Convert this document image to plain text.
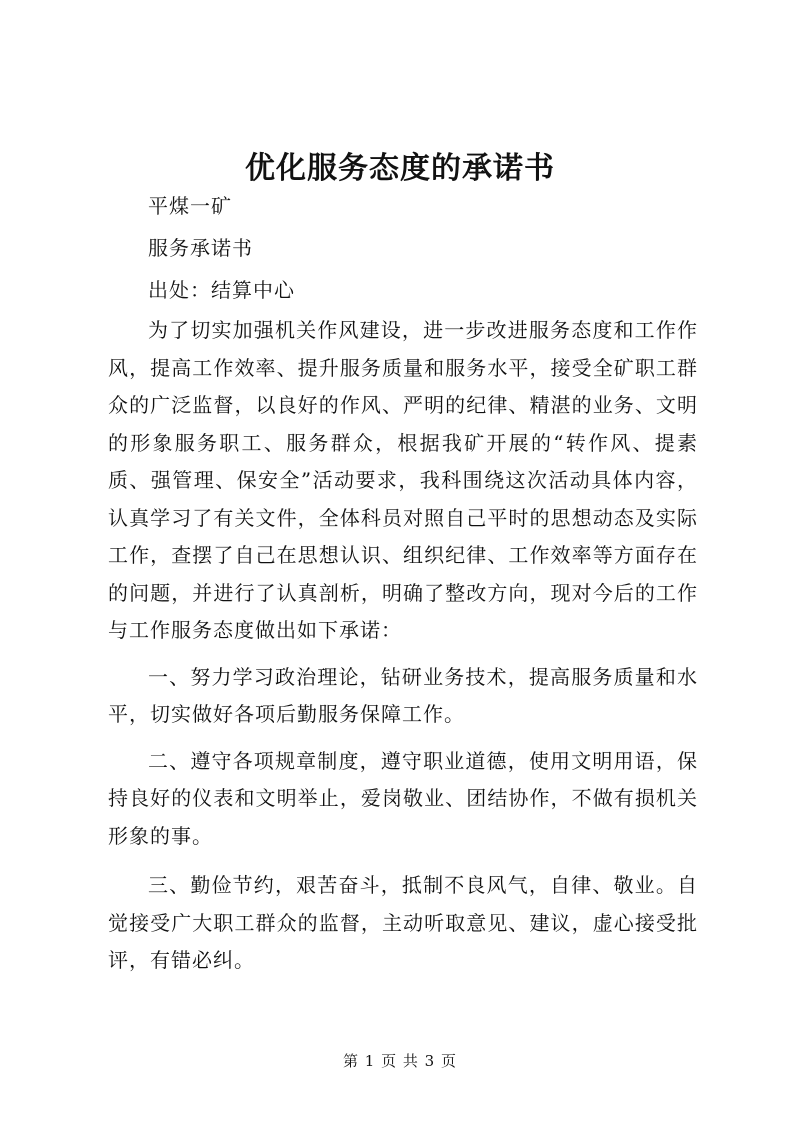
优化服务态度的承诺书

平煤一矿

服务承诺书

出处：结算中心

为了切实加强机关作风建设，进一步改进服务态度和工作作风，提高工作效率、提升服务质量和服务水平，接受全矿职工群众的广泛监督，以良好的作风、严明的纪律、精湛的业务、文明的形象服务职工、服务群众，根据我矿开展的“转作风、提素质、强管理、保安全”活动要求，我科围绕这次活动具体内容，认真学习了有关文件，全体科员对照自己平时的思想动态及实际工作，查摆了自己在思想认识、组织纪律、工作效率等方面存在的问题，并进行了认真剖析，明确了整改方向，现对今后的工作与工作服务态度做出如下承诺：

一、努力学习政治理论，钻研业务技术，提高服务质量和水平，切实做好各项后勤服务保障工作。

二、遵守各项规章制度，遵守职业道德，使用文明用语，保持良好的仪表和文明举止，爱岗敬业、团结协作，不做有损机关形象的事。

三、勤俭节约，艰苦奋斗，抵制不良风气，自律、敬业。自觉接受广大职工群众的监督，主动听取意见、建议，虚心接受批评，有错必纠。

第 1 页 共 3 页
